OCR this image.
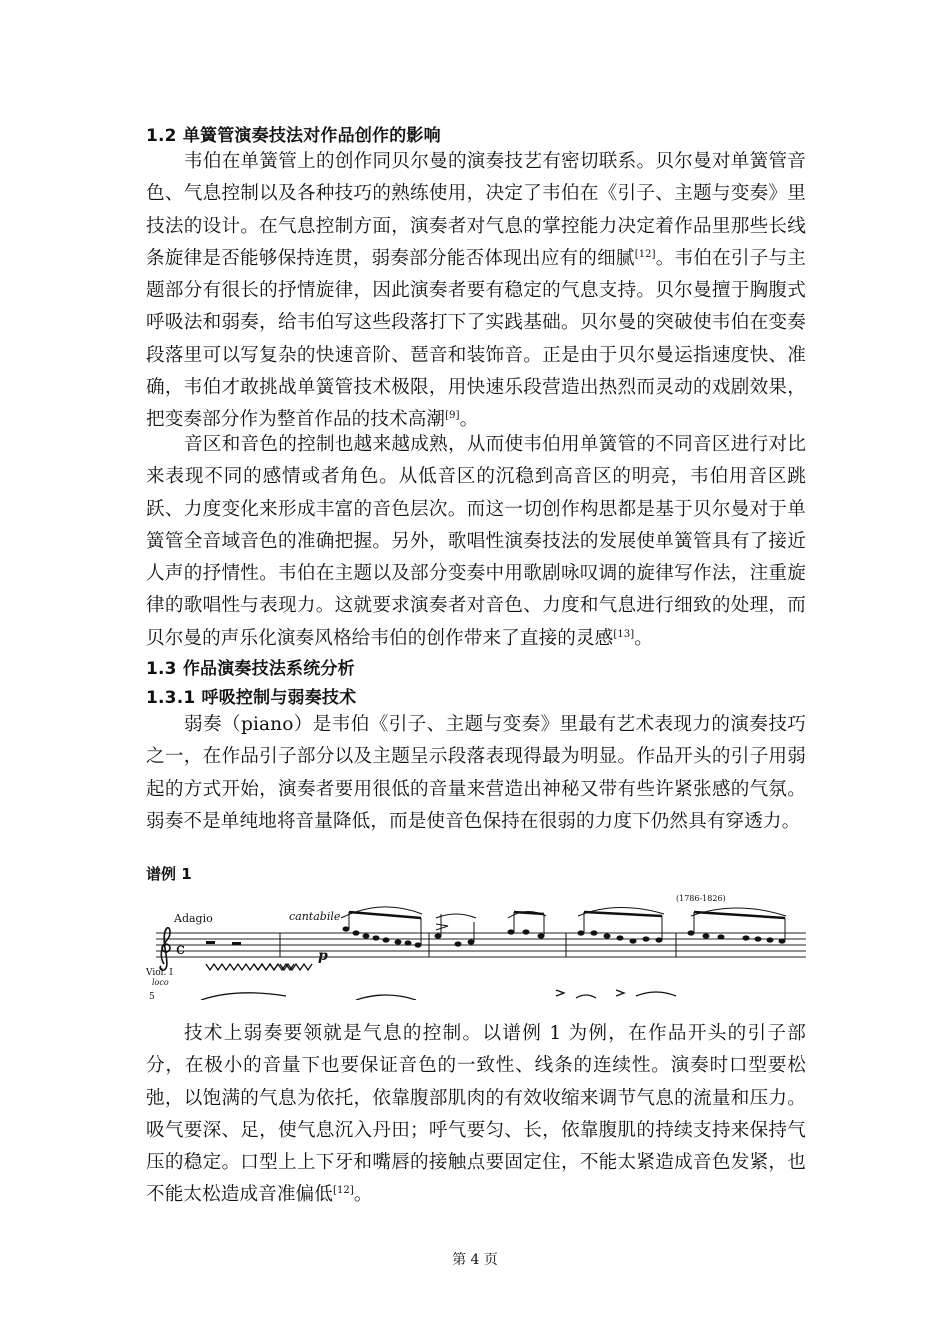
1.2 单簧管演奏技法对作品创作的影响

韦伯在单簧管上的创作同贝尔曼的演奏技艺有密切联系。贝尔曼对单簧管音色、气息控制以及各种技巧的熟练使用，决定了韦伯在《引子、主题与变奏》里技法的设计。在气息控制方面，演奏者对气息的掌控能力决定着作品里那些长线条旋律是否能够保持连贯，弱奏部分能否体现出应有的细腻[12]。韦伯在引子与主题部分有很长的抒情旋律，因此演奏者要有稳定的气息支持。贝尔曼擅于胸腹式呼吸法和弱奏，给韦伯写这些段落打下了实践基础。贝尔曼的突破使韦伯在变奏段落里可以写复杂的快速音阶、琶音和装饰音。正是由于贝尔曼运指速度快、准确，韦伯才敢挑战单簧管技术极限，用快速乐段营造出热烈而灵动的戏剧效果，把变奏部分作为整首作品的技术高潮[9]。

音区和音色的控制也越来越成熟，从而使韦伯用单簧管的不同音区进行对比来表现不同的感情或者角色。从低音区的沉稳到高音区的明亮，韦伯用音区跳跃、力度变化来形成丰富的音色层次。而这一切创作构思都是基于贝尔曼对于单簧管全音域音色的准确把握。另外，歌唱性演奏技法的发展使单簧管具有了接近人声的抒情性。韦伯在主题以及部分变奏中用歌剧咏叹调的旋律写作法，注重旋律的歌唱性与表现力。这就要求演奏者对音色、力度和气息进行细致的处理，而贝尔曼的声乐化演奏风格给韦伯的创作带来了直接的灵感[13]。

1.3 作品演奏技法系统分析
1.3.1 呼吸控制与弱奏技术

弱奏（piano）是韦伯《引子、主题与变奏》里最有艺术表现力的演奏技巧之一，在作品引子部分以及主题呈示段落表现得最为明显。作品开头的引子用弱起的方式开始，演奏者要用很低的音量来营造出神秘又带有些许紧张感的气氛。弱奏不是单纯地将音量降低，而是使音色保持在很弱的力度下仍然具有穿透力。

谱例 1
(1786-1826)
Adagio	cantabile
p
Viol. I
loco
5
c

技术上弱奏要领就是气息的控制。以谱例 1 为例，在作品开头的引子部分，在极小的音量下也要保证音色的一致性、线条的连续性。演奏时口型要松弛，以饱满的气息为依托，依靠腹部肌肉的有效收缩来调节气息的流量和压力。吸气要深、足，使气息沉入丹田；呼气要匀、长，依靠腹肌的持续支持来保持气压的稳定。口型上上下牙和嘴唇的接触点要固定住，不能太紧造成音色发紧，也不能太松造成音准偏低[12]。

第 4 页
